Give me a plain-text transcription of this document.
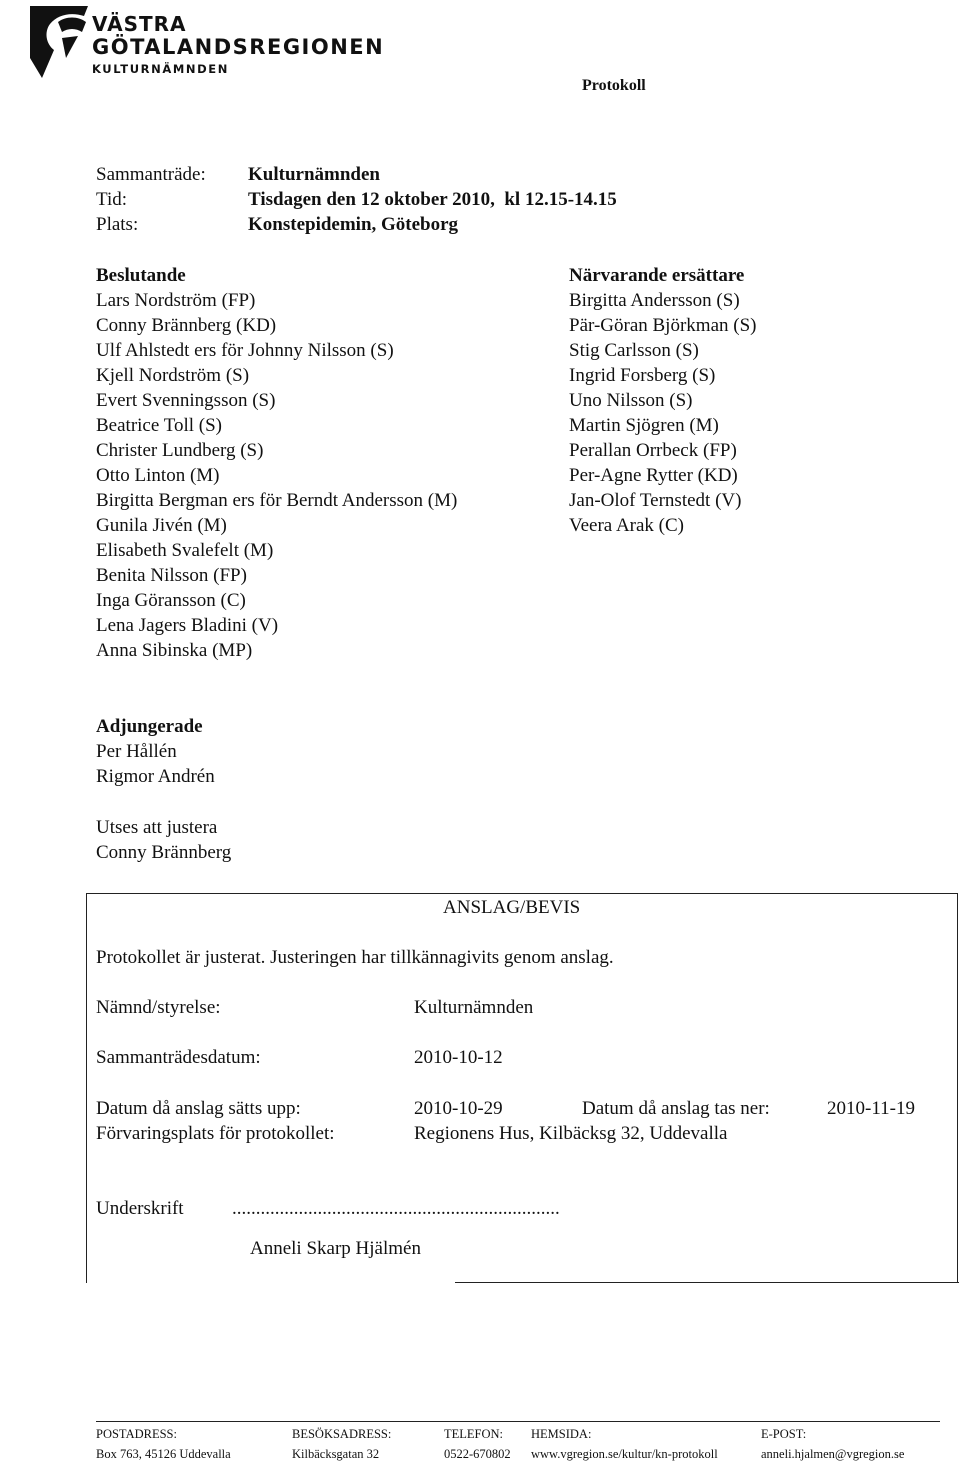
VÄSTRA
GÖTALANDSREGIONEN
KULTURNÄMNDEN
Protokoll
Sammanträde:	Kulturnämnden
Tid:	Tisdagen den 12 oktober 2010,  kl 12.15-14.15
Plats:	Konstepidemin, Göteborg
Beslutande
Lars Nordström (FP)
Conny Brännberg (KD)
Ulf Ahlstedt ers för Johnny Nilsson (S)
Kjell Nordström (S)
Evert Svenningsson (S)
Beatrice Toll (S)
Christer Lundberg (S)
Otto Linton (M)
Birgitta Bergman ers för Berndt Andersson (M)
Gunila Jivén (M)
Elisabeth Svalefelt (M)
Benita Nilsson (FP)
Inga Göransson (C)
Lena Jagers Bladini (V)
Anna Sibinska (MP)
Närvarande ersättare
Birgitta Andersson (S)
Pär-Göran Björkman (S)
Stig Carlsson (S)
Ingrid Forsberg (S)
Uno Nilsson (S)
Martin Sjögren (M)
Perallan Orrbeck (FP)
Per-Agne Rytter (KD)
Jan-Olof Ternstedt (V)
Veera Arak (C)
Adjungerade
Per Hållén
Rigmor Andrén
Utses att justera
Conny Brännberg
ANSLAG/BEVIS
Protokollet är justerat. Justeringen har tillkännagivits genom anslag.
Nämnd/styrelse:	Kulturnämnden
Sammanträdesdatum:	2010-10-12
Datum då anslag sätts upp:	2010-10-29	Datum då anslag tas ner:	2010-11-19
Förvaringsplats för protokollet:	Regionens Hus, Kilbäcksg 32, Uddevalla
Underskrift	.....................................................................
Anneli Skarp Hjälmén
POSTADRESS:
Box 763, 45126 Uddevalla
BESÖKSADRESS:
Kilbäcksgatan 32
TELEFON:
0522-670802
HEMSIDA:
www.vgregion.se/kultur/kn-protokoll
E-POST:
anneli.hjalmen@vgregion.se
